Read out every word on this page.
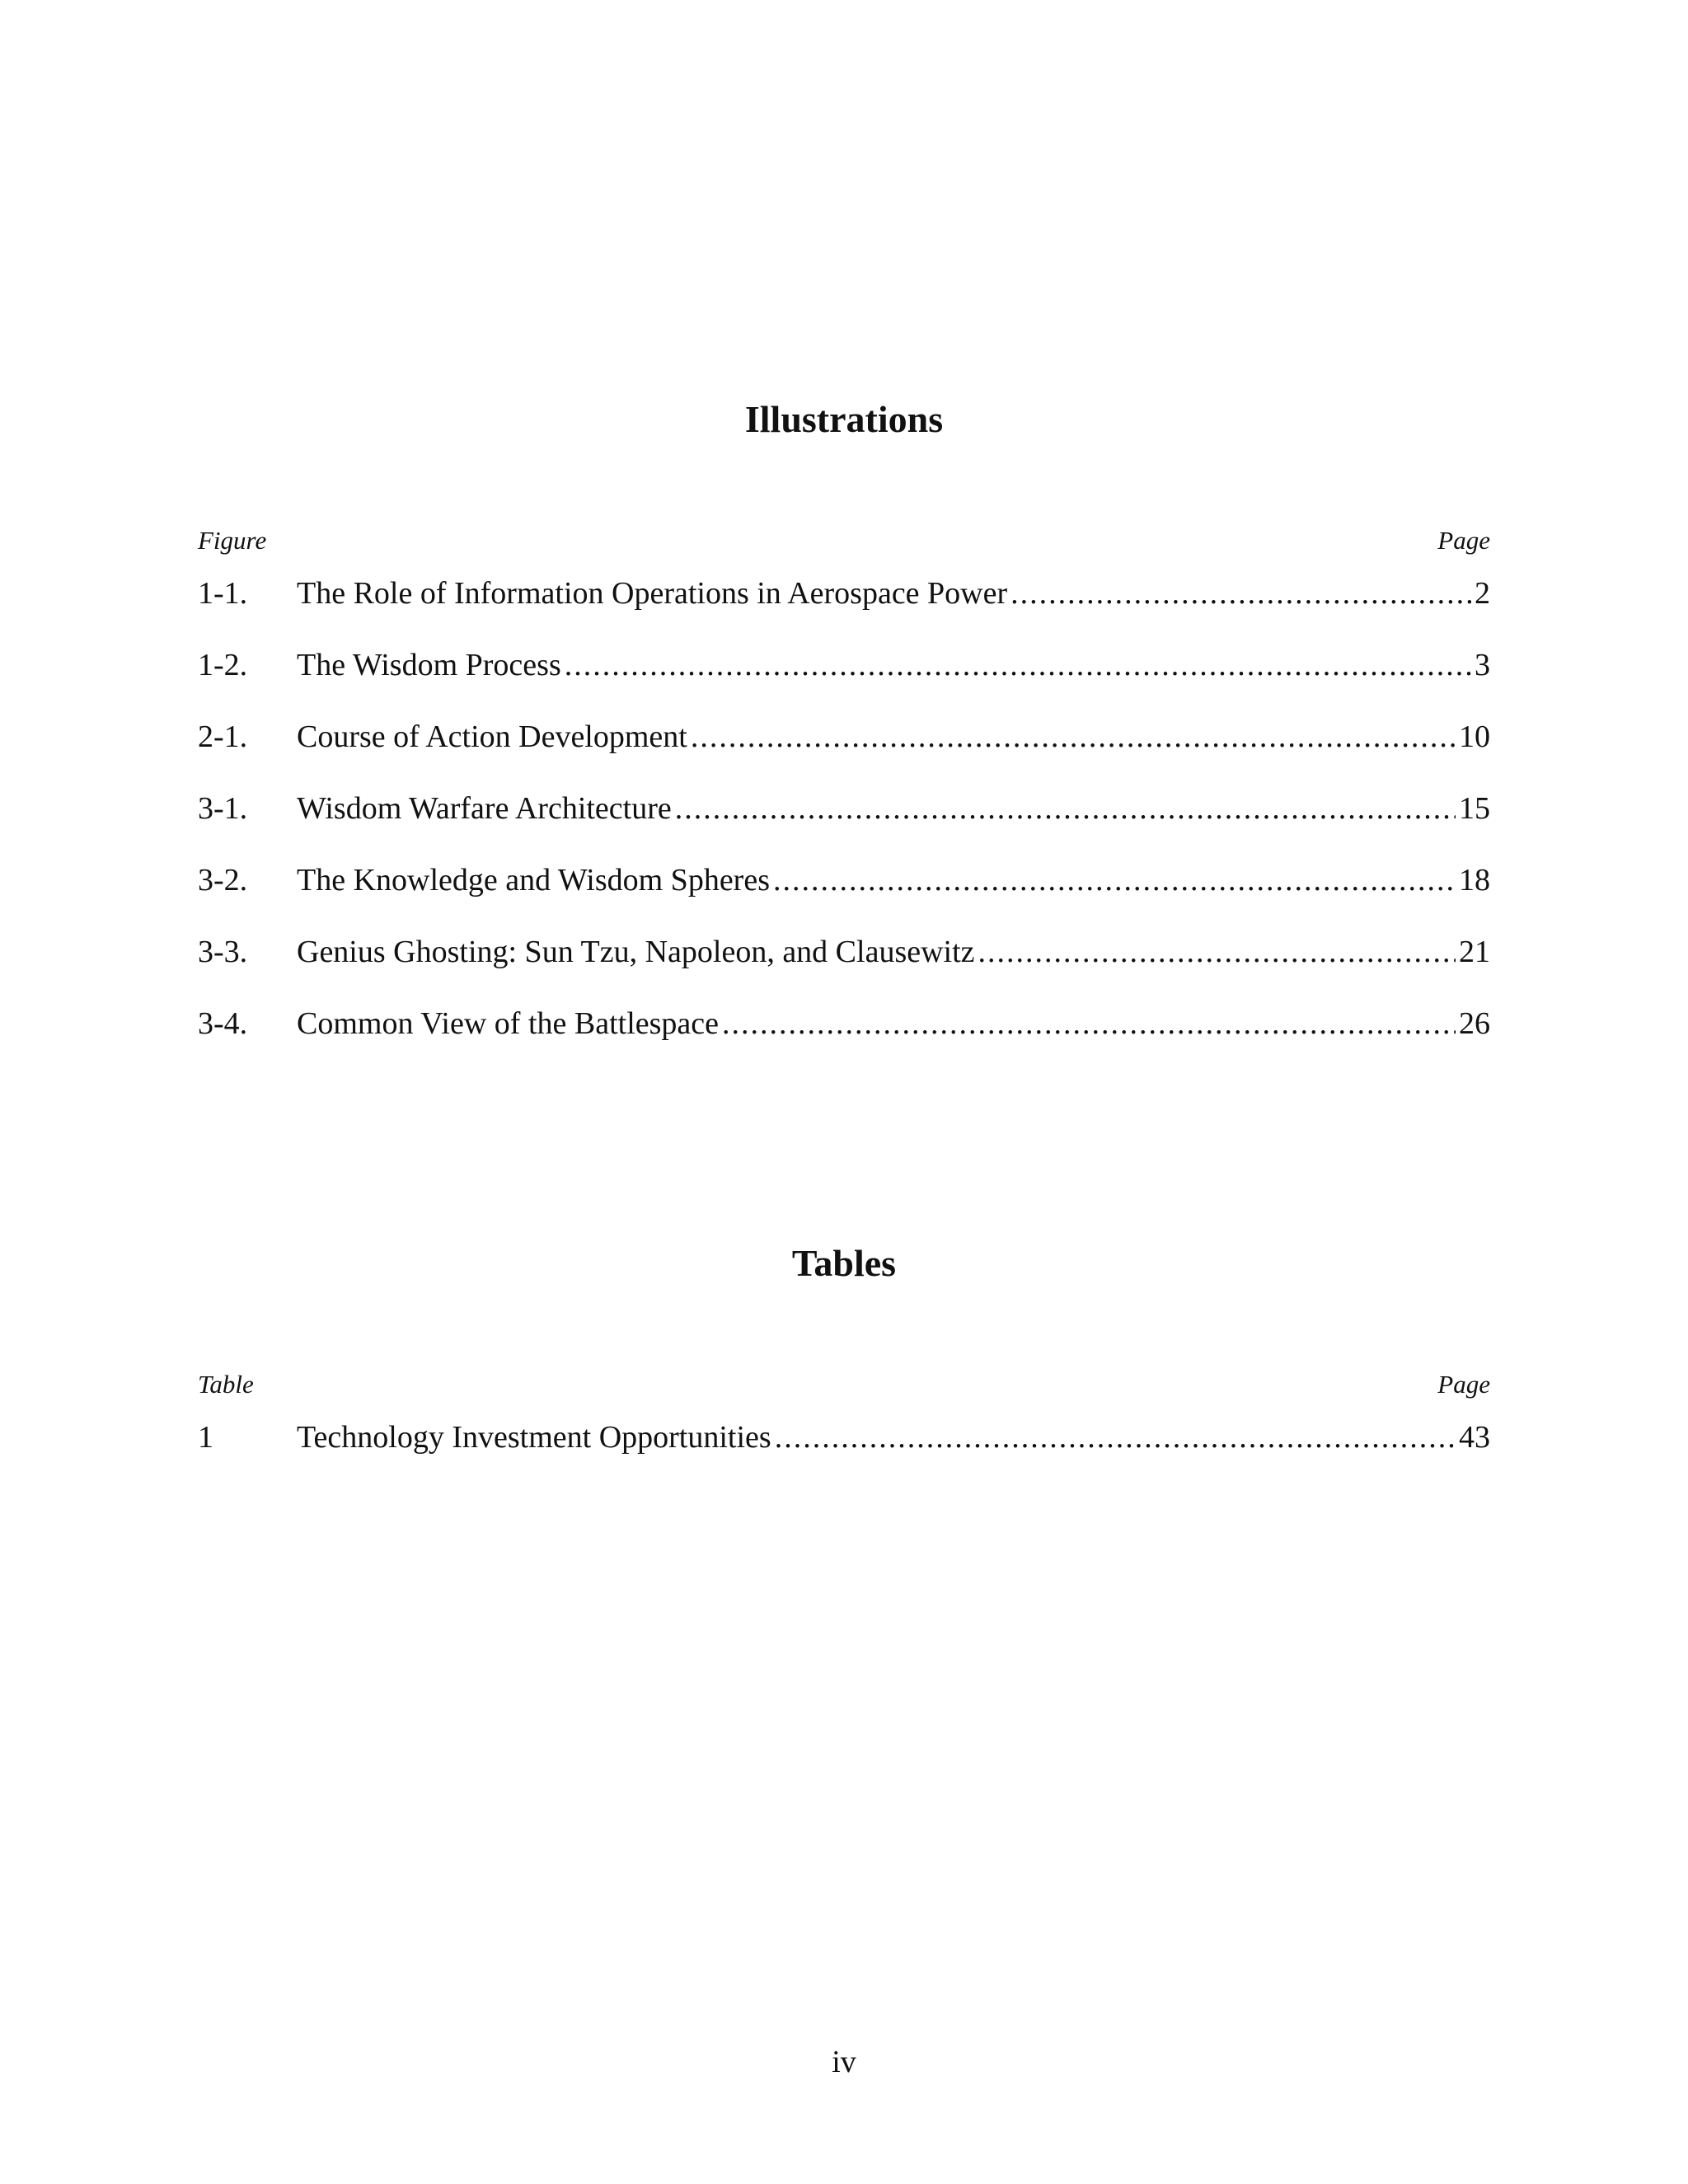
Illustrations
Figure	Page
1-1.	The Role of Information Operations in Aerospace Power .....	2
1-2.	The Wisdom Process .....	3
2-1.	Course of Action Development .....	10
3-1.	Wisdom Warfare Architecture .....	15
3-2.	The Knowledge and Wisdom Spheres .....	18
3-3.	Genius Ghosting: Sun Tzu, Napoleon, and Clausewitz .....	21
3-4.	Common View of the Battlespace .....	26
Tables
Table	Page
1	Technology Investment Opportunities .....	43
iv
